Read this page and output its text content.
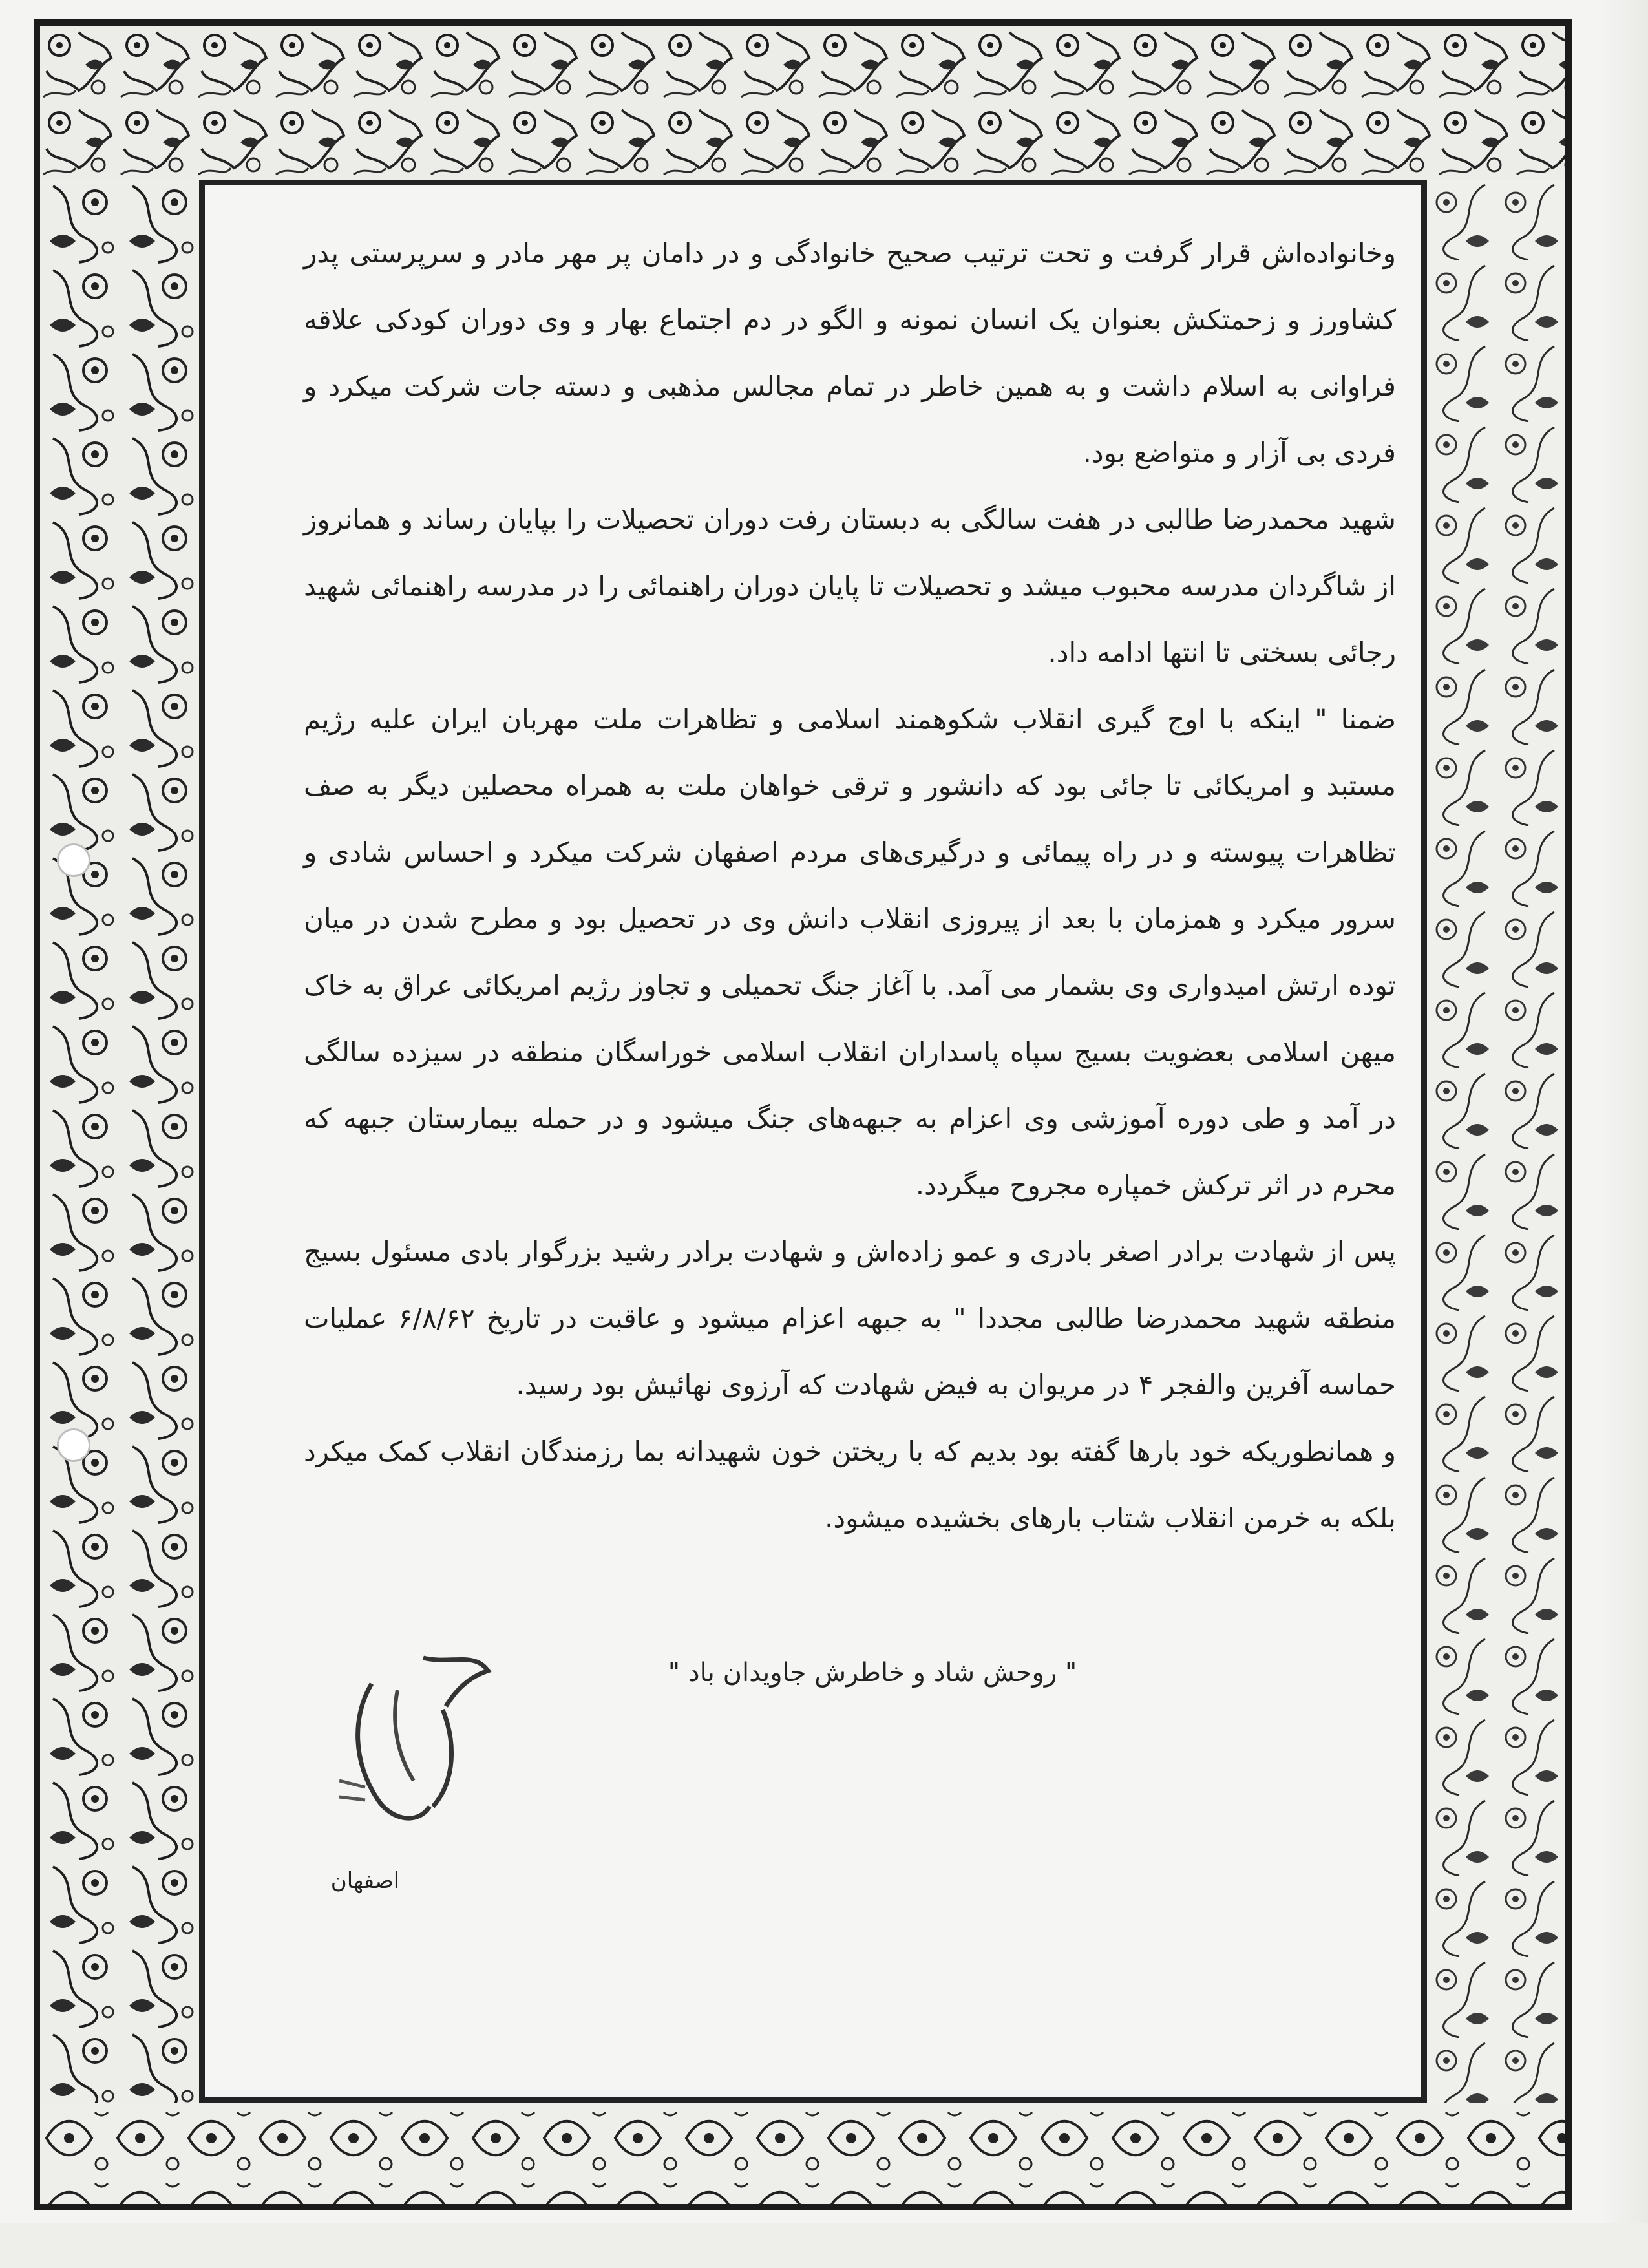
وخانواده‌اش قرار گرفت و تحت ترتیب صحیح خانوادگی و در دامان پر مهر مادر و سرپرستی پدر کشاورز و زحمتکش بعنوان یک انسان نمونه و الگو در دم اجتماع بهار و وی دوران کودکی علاقه فراوانی به اسلام داشت و به همین خاطر در تمام مجالس مذهبی و دسته جات شرکت میکرد و فردی بی آزار و متواضع بود.

شهید محمدرضا طالبی در هفت سالگی به دبستان رفت دوران تحصیلات را بپایان رساند و همانروز از شاگردان مدرسه محبوب میشد و تحصیلات تا پایان دوران راهنمائی را در مدرسه راهنمائی شهید رجائی بسختی تا انتها ادامه داد.

ضمنا " اینکه با اوج گیری انقلاب شکوهمند اسلامی و تظاهرات ملت مهربان ایران علیه رژیم مستبد و امریکائی تا جائی بود که دانشور و ترقی خواهان ملت به همراه محصلین دیگر به صف تظاهرات پیوسته و در راه پیمائی و درگیری‌های مردم اصفهان شرکت میکرد و احساس شادی و سرور میکرد و همزمان با بعد از پیروزی انقلاب دانش وی در تحصیل بود و مطرح شدن در میان توده ارتش امیدواری وی بشمار می آمد. با آغاز جنگ تحمیلی و تجاوز رژیم امریکائی عراق به خاک میهن اسلامی بعضویت بسیج سپاه پاسداران انقلاب اسلامی خوراسگان منطقه در سیزده سالگی در آمد و طی دوره آموزشی وی اعزام به جبهه‌های جنگ میشود و در حمله بیمارستان جبهه که محرم در اثر ترکش خمپاره مجروح میگردد.

پس از شهادت برادر اصغر بادری و عمو زاده‌اش و شهادت برادر رشید بزرگوار بادی مسئول بسیج منطقه شهید محمدرضا طالبی مجددا " به جبهه اعزام میشود و عاقبت در تاریخ ۶/۸/۶۲ عملیات حماسه آفرین والفجر ۴ در مریوان به فیض شهادت که آرزوی نهائیش بود رسید.

و همانطوریکه خود بارها گفته بود بدیم که با ریختن خون شهیدانه بما رزمندگان انقلاب کمک میکرد بلکه به خرمن انقلاب شتاب بارهای بخشیده میشود.

" روحش شاد و خاطرش جاویدان باد "
اصفهان
